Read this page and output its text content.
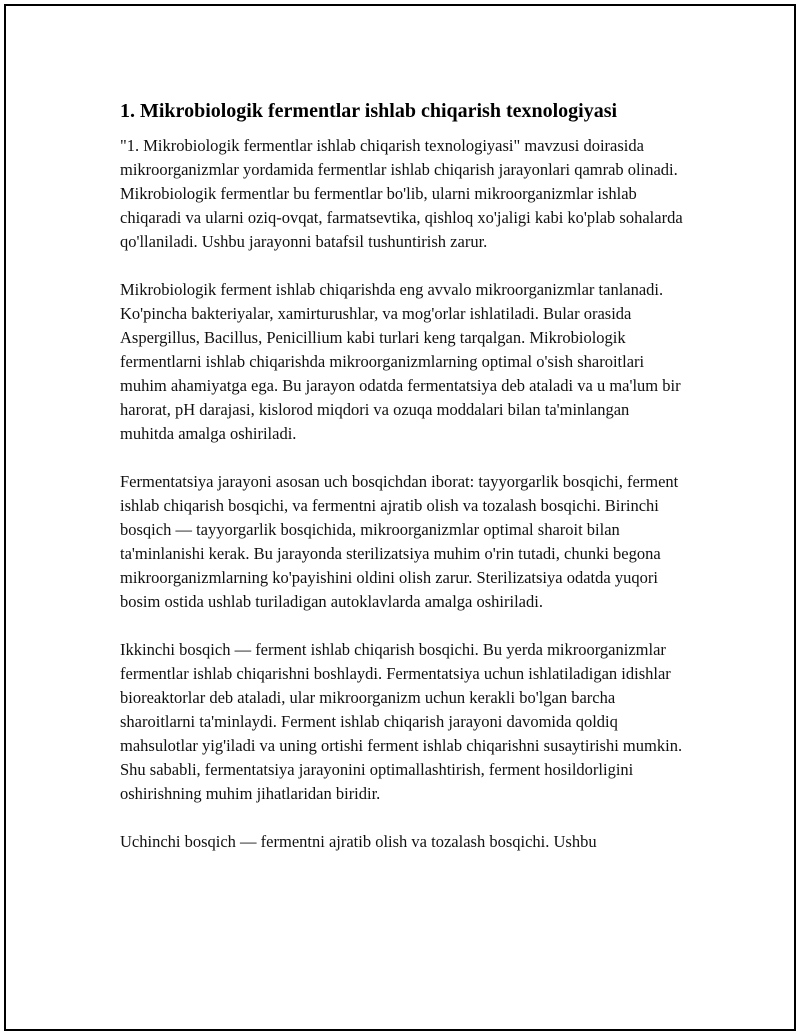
1. Mikrobiologik fermentlar ishlab chiqarish texnologiyasi

"1. Mikrobiologik fermentlar ishlab chiqarish texnologiyasi" mavzusi doirasida mikroorganizmlar yordamida fermentlar ishlab chiqarish jarayonlari qamrab olinadi. Mikrobiologik fermentlar bu fermentlar bo'lib, ularni mikroorganizmlar ishlab chiqaradi va ularni oziq-ovqat, farmatsevtika, qishloq xo'jaligi kabi ko'plab sohalarda qo'llaniladi. Ushbu jarayonni batafsil tushuntirish zarur.

Mikrobiologik ferment ishlab chiqarishda eng avvalo mikroorganizmlar tanlanadi. Ko'pincha bakteriyalar, xamirturushlar, va mog'orlar ishlatiladi. Bular orasida Aspergillus, Bacillus, Penicillium kabi turlari keng tarqalgan. Mikrobiologik fermentlarni ishlab chiqarishda mikroorganizmlarning optimal o'sish sharoitlari muhim ahamiyatga ega. Bu jarayon odatda fermentatsiya deb ataladi va u ma'lum bir harorat, pH darajasi, kislorod miqdori va ozuqa moddalari bilan ta'minlangan muhitda amalga oshiriladi.

Fermentatsiya jarayoni asosan uch bosqichdan iborat: tayyorgarlik bosqichi, ferment ishlab chiqarish bosqichi, va fermentni ajratib olish va tozalash bosqichi. Birinchi bosqich — tayyorgarlik bosqichida, mikroorganizmlar optimal sharoit bilan ta'minlanishi kerak. Bu jarayonda sterilizatsiya muhim o'rin tutadi, chunki begona mikroorganizmlarning ko'payishini oldini olish zarur. Sterilizatsiya odatda yuqori bosim ostida ushlab turiladigan autoklavlarda amalga oshiriladi.

Ikkinchi bosqich — ferment ishlab chiqarish bosqichi. Bu yerda mikroorganizmlar fermentlar ishlab chiqarishni boshlaydi. Fermentatsiya uchun ishlatiladigan idishlar bioreaktorlar deb ataladi, ular mikroorganizm uchun kerakli bo'lgan barcha sharoitlarni ta'minlaydi. Ferment ishlab chiqarish jarayoni davomida qoldiq mahsulotlar yig'iladi va uning ortishi ferment ishlab chiqarishni susaytirishi mumkin. Shu sababli, fermentatsiya jarayonini optimallashtirish, ferment hosildorligini oshirishning muhim jihatlaridan biridir.

Uchinchi bosqich — fermentni ajratib olish va tozalash bosqichi. Ushbu
